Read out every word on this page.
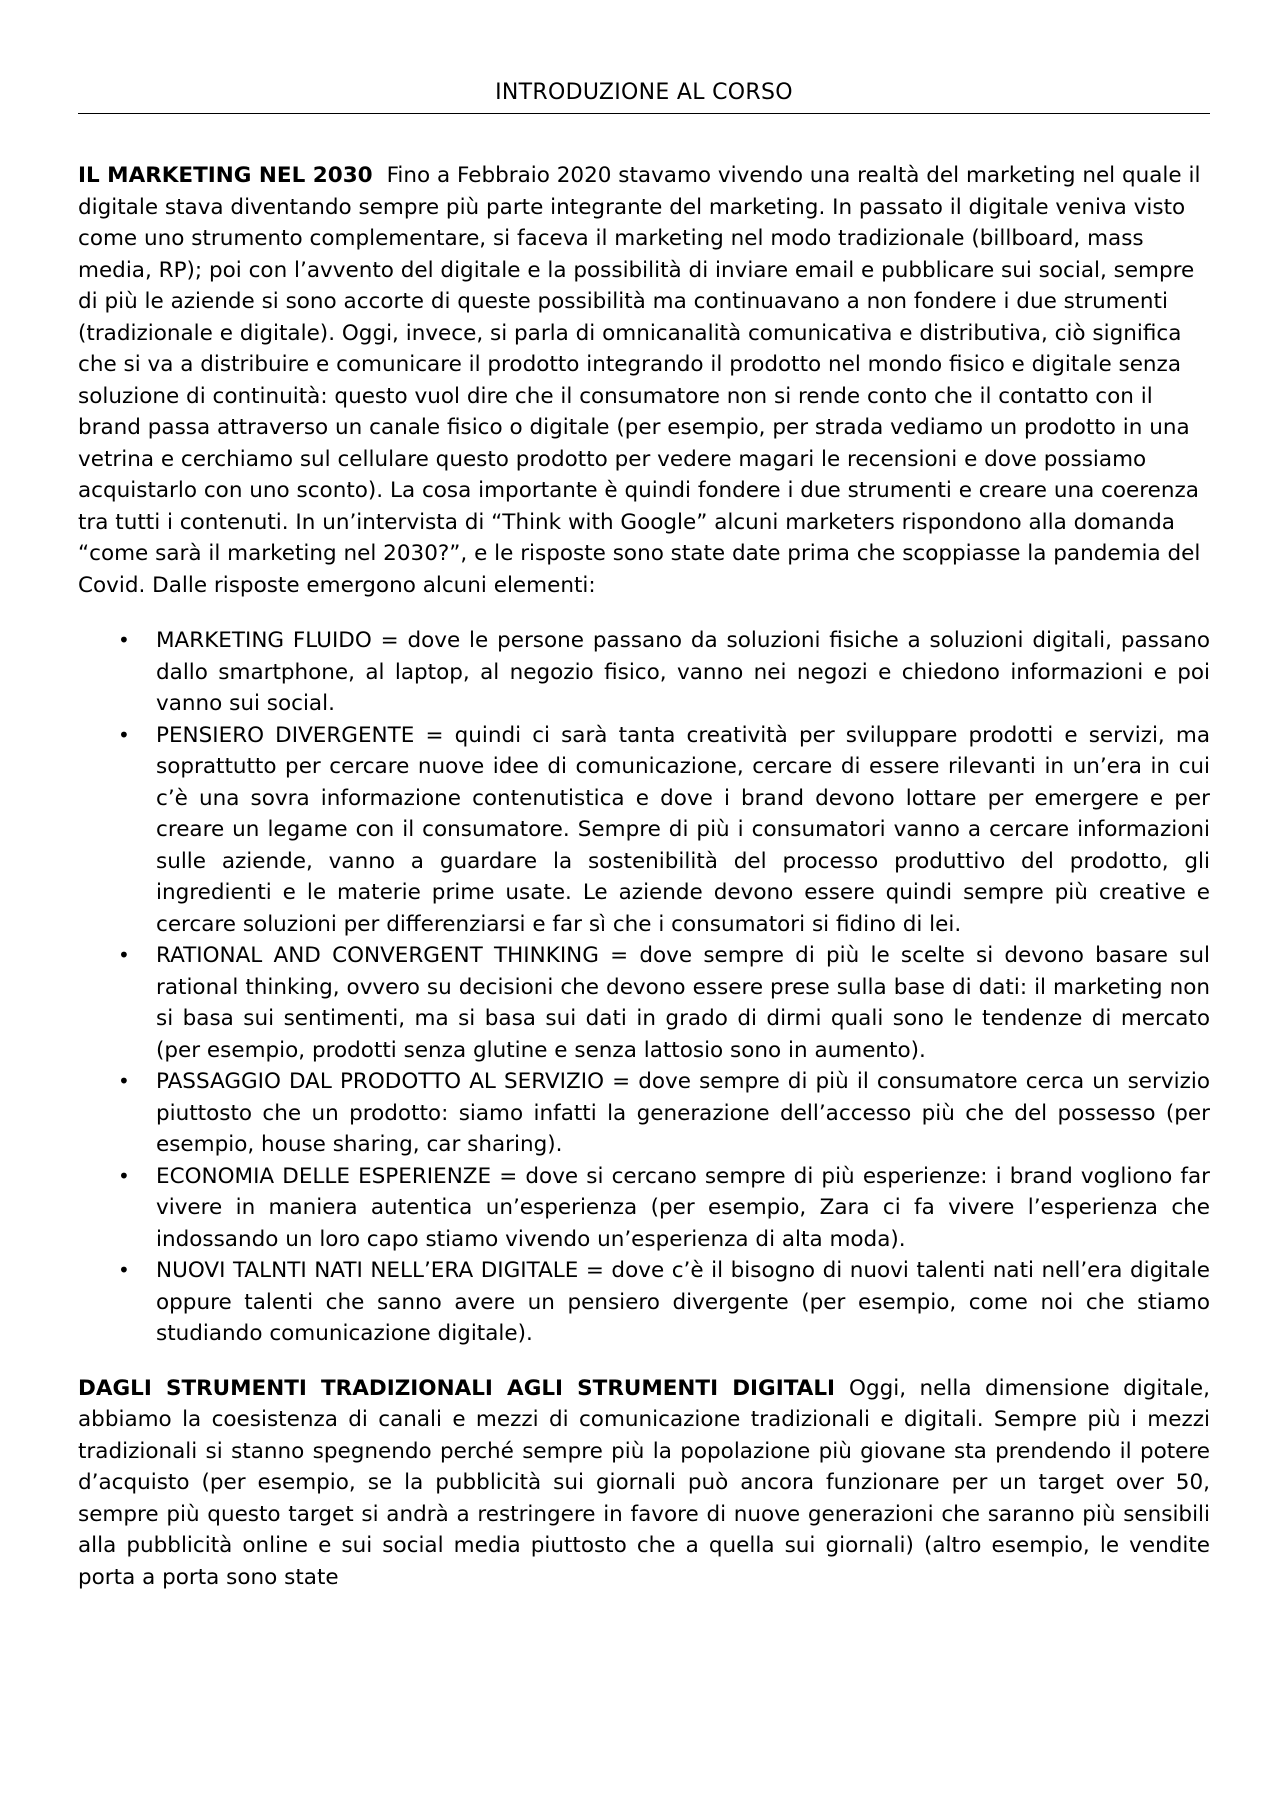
INTRODUZIONE AL CORSO

IL MARKETING NEL 2030 Fino a Febbraio 2020 stavamo vivendo una realtà del marketing nel quale il digitale stava diventando sempre più parte integrante del marketing. In passato il digitale veniva visto come uno strumento complementare, si faceva il marketing nel modo tradizionale (billboard, mass media, RP); poi con l’avvento del digitale e la possibilità di inviare email e pubblicare sui social, sempre di più le aziende si sono accorte di queste possibilità ma continuavano a non fondere i due strumenti (tradizionale e digitale). Oggi, invece, si parla di omnicanalità comunicativa e distributiva, ciò significa che si va a distribuire e comunicare il prodotto integrando il prodotto nel mondo fisico e digitale senza soluzione di continuità: questo vuol dire che il consumatore non si rende conto che il contatto con il brand passa attraverso un canale fisico o digitale (per esempio, per strada vediamo un prodotto in una vetrina e cerchiamo sul cellulare questo prodotto per vedere magari le recensioni e dove possiamo acquistarlo con uno sconto). La cosa importante è quindi fondere i due strumenti e creare una coerenza tra tutti i contenuti. In un’intervista di “Think with Google” alcuni marketers rispondono alla domanda “come sarà il marketing nel 2030?”, e le risposte sono state date prima che scoppiasse la pandemia del Covid. Dalle risposte emergono alcuni elementi:

• MARKETING FLUIDO = dove le persone passano da soluzioni fisiche a soluzioni digitali, passano dallo smartphone, al laptop, al negozio fisico, vanno nei negozi e chiedono informazioni e poi vanno sui social.
• PENSIERO DIVERGENTE = quindi ci sarà tanta creatività per sviluppare prodotti e servizi, ma soprattutto per cercare nuove idee di comunicazione, cercare di essere rilevanti in un’era in cui c’è una sovra informazione contenutistica e dove i brand devono lottare per emergere e per creare un legame con il consumatore. Sempre di più i consumatori vanno a cercare informazioni sulle aziende, vanno a guardare la sostenibilità del processo produttivo del prodotto, gli ingredienti e le materie prime usate. Le aziende devono essere quindi sempre più creative e cercare soluzioni per differenziarsi e far sì che i consumatori si fidino di lei.
• RATIONAL AND CONVERGENT THINKING = dove sempre di più le scelte si devono basare sul rational thinking, ovvero su decisioni che devono essere prese sulla base di dati: il marketing non si basa sui sentimenti, ma si basa sui dati in grado di dirmi quali sono le tendenze di mercato (per esempio, prodotti senza glutine e senza lattosio sono in aumento).
• PASSAGGIO DAL PRODOTTO AL SERVIZIO = dove sempre di più il consumatore cerca un servizio piuttosto che un prodotto: siamo infatti la generazione dell’accesso più che del possesso (per esempio, house sharing, car sharing).
• ECONOMIA DELLE ESPERIENZE = dove si cercano sempre di più esperienze: i brand vogliono far vivere in maniera autentica un’esperienza (per esempio, Zara ci fa vivere l’esperienza che indossando un loro capo stiamo vivendo un’esperienza di alta moda).
• NUOVI TALNTI NATI NELL’ERA DIGITALE = dove c’è il bisogno di nuovi talenti nati nell’era digitale oppure talenti che sanno avere un pensiero divergente (per esempio, come noi che stiamo studiando comunicazione digitale).

DAGLI STRUMENTI TRADIZIONALI AGLI STRUMENTI DIGITALI Oggi, nella dimensione digitale, abbiamo la coesistenza di canali e mezzi di comunicazione tradizionali e digitali. Sempre più i mezzi tradizionali si stanno spegnendo perché sempre più la popolazione più giovane sta prendendo il potere d’acquisto (per esempio, se la pubblicità sui giornali può ancora funzionare per un target over 50, sempre più questo target si andrà a restringere in favore di nuove generazioni che saranno più sensibili alla pubblicità online e sui social media piuttosto che a quella sui giornali) (altro esempio, le vendite porta a porta sono state
